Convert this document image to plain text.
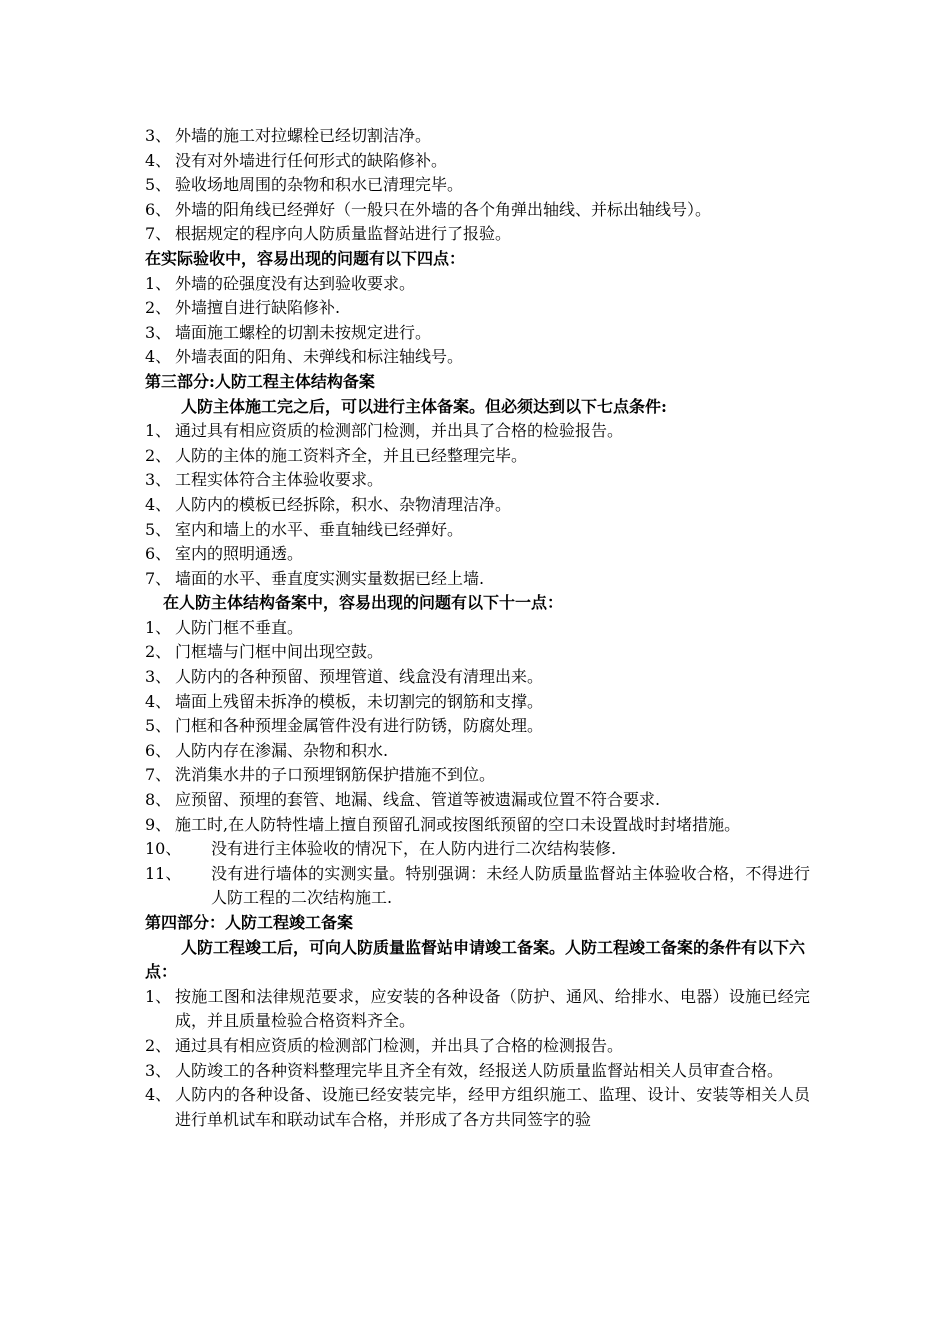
3、 外墙的施工对拉螺栓已经切割洁净。
4、 没有对外墙进行任何形式的缺陷修补。
5、 验收场地周围的杂物和积水已清理完毕。
6、 外墙的阳角线已经弹好（一般只在外墙的各个角弹出轴线、并标出轴线号）。
7、 根据规定的程序向人防质量监督站进行了报验。
在实际验收中，容易出现的问题有以下四点：
1、 外墙的砼强度没有达到验收要求。
2、 外墙擅自进行缺陷修补.
3、 墙面施工螺栓的切割未按规定进行。
4、 外墙表面的阳角、未弹线和标注轴线号。
第三部分:人防工程主体结构备案
人防主体施工完之后，可以进行主体备案。但必须达到以下七点条件:
1、 通过具有相应资质的检测部门检测，并出具了合格的检验报告。
2、 人防的主体的施工资料齐全，并且已经整理完毕。
3、 工程实体符合主体验收要求。
4、 人防内的模板已经拆除，积水、杂物清理洁净。
5、 室内和墙上的水平、垂直轴线已经弹好。
6、 室内的照明通透。
7、 墙面的水平、垂直度实测实量数据已经上墙.
在人防主体结构备案中，容易出现的问题有以下十一点：
1、 人防门框不垂直。
2、 门框墙与门框中间出现空鼓。
3、 人防内的各种预留、预埋管道、线盒没有清理出来。
4、 墙面上残留未拆净的模板，未切割完的钢筋和支撑。
5、 门框和各种预埋金属管件没有进行防锈，防腐处理。
6、 人防内存在渗漏、杂物和积水.
7、 洗消集水井的子口预埋钢筋保护措施不到位。
8、 应预留、预埋的套管、地漏、线盒、管道等被遗漏或位置不符合要求.
9、 施工时,在人防特性墙上擅自预留孔洞或按图纸预留的空口未设置战时封堵措施。
10、	没有进行主体验收的情况下，在人防内进行二次结构装修.
11、	没有进行墙体的实测实量。特别强调：未经人防质量监督站主体验收合格，不得进行人防工程的二次结构施工.
第四部分：人防工程竣工备案
人防工程竣工后，可向人防质量监督站申请竣工备案。人防工程竣工备案的条件有以下六点：
1、 按施工图和法律规范要求，应安装的各种设备（防护、通风、给排水、电器）设施已经完成，并且质量检验合格资料齐全。
2、 通过具有相应资质的检测部门检测，并出具了合格的检测报告。
3、 人防竣工的各种资料整理完毕且齐全有效，经报送人防质量监督站相关人员审查合格。
4、 人防内的各种设备、设施已经安装完毕，经甲方组织施工、监理、设计、安装等相关人员进行单机试车和联动试车合格，并形成了各方共同签字的验
